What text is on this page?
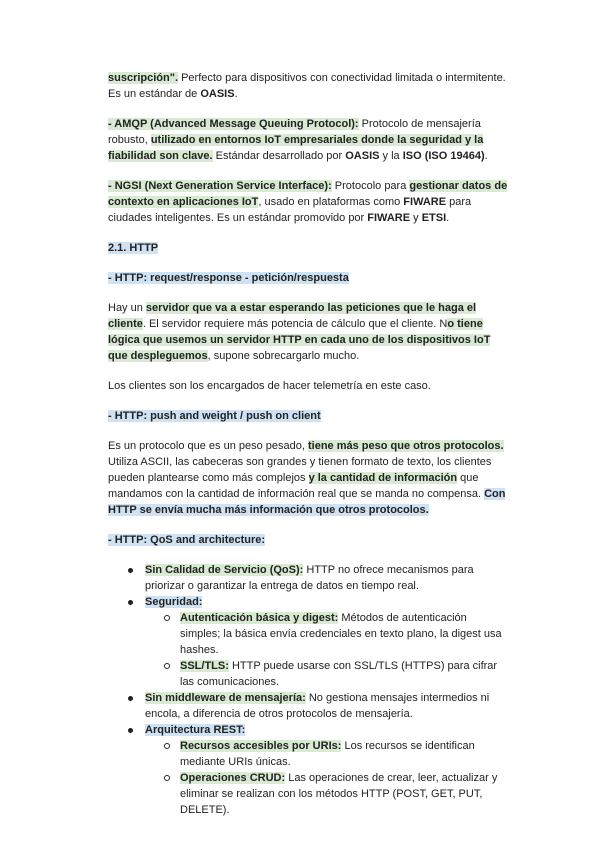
suscripción". Perfecto para dispositivos con conectividad limitada o intermitente. Es un estándar de OASIS.

- AMQP (Advanced Message Queuing Protocol): Protocolo de mensajería robusto, utilizado en entornos IoT empresariales donde la seguridad y la fiabilidad son clave. Estándar desarrollado por OASIS y la ISO (ISO 19464).

- NGSI (Next Generation Service Interface): Protocolo para gestionar datos de contexto en aplicaciones IoT, usado en plataformas como FIWARE para ciudades inteligentes. Es un estándar promovido por FIWARE y ETSI.

2.1. HTTP

- HTTP: request/response - petición/respuesta

Hay un servidor que va a estar esperando las peticiones que le haga el cliente. El servidor requiere más potencia de cálculo que el cliente. No tiene lógica que usemos un servidor HTTP en cada uno de los dispositivos IoT que despleguemos, supone sobrecargarlo mucho.

Los clientes son los encargados de hacer telemetría en este caso.

- HTTP: push and weight / push on client

Es un protocolo que es un peso pesado, tiene más peso que otros protocolos. Utiliza ASCII, las cabeceras son grandes y tienen formato de texto, los clientes pueden plantearse como más complejos y la cantidad de información que mandamos con la cantidad de información real que se manda no compensa. Con HTTP se envía mucha más información que otros protocolos.

- HTTP: QoS and architecture:

Sin Calidad de Servicio (QoS): HTTP no ofrece mecanismos para priorizar o garantizar la entrega de datos en tiempo real.
Seguridad:
Autenticación básica y digest: Métodos de autenticación simples; la básica envía credenciales en texto plano, la digest usa hashes.
SSL/TLS: HTTP puede usarse con SSL/TLS (HTTPS) para cifrar las comunicaciones.
Sin middleware de mensajería: No gestiona mensajes intermedios ni encola, a diferencia de otros protocolos de mensajería.
Arquitectura REST:
Recursos accesibles por URIs: Los recursos se identifican mediante URIs únicas.
Operaciones CRUD: Las operaciones de crear, leer, actualizar y eliminar se realizan con los métodos HTTP (POST, GET, PUT, DELETE).
